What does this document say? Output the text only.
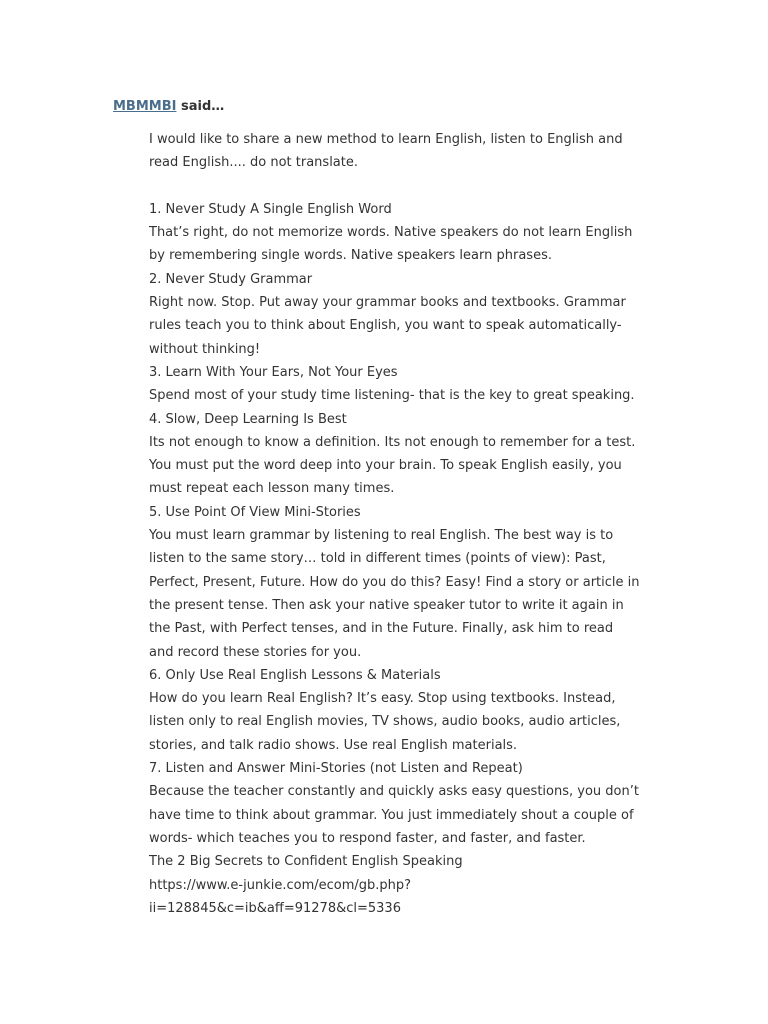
MBMMBI said…
I would like to share a new method to learn English, listen to English and
read English.... do not translate.
1. Never Study A Single English Word
That’s right, do not memorize words. Native speakers do not learn English
by remembering single words. Native speakers learn phrases.
2. Never Study Grammar
Right now. Stop. Put away your grammar books and textbooks. Grammar
rules teach you to think about English, you want to speak automatically-
without thinking!
3. Learn With Your Ears, Not Your Eyes
Spend most of your study time listening- that is the key to great speaking.
4. Slow, Deep Learning Is Best
Its not enough to know a definition. Its not enough to remember for a test.
You must put the word deep into your brain. To speak English easily, you
must repeat each lesson many times.
5. Use Point Of View Mini-Stories
You must learn grammar by listening to real English. The best way is to
listen to the same story… told in different times (points of view): Past,
Perfect, Present, Future. How do you do this? Easy! Find a story or article in
the present tense. Then ask your native speaker tutor to write it again in
the Past, with Perfect tenses, and in the Future. Finally, ask him to read
and record these stories for you.
6. Only Use Real English Lessons & Materials
How do you learn Real English? It’s easy. Stop using textbooks. Instead,
listen only to real English movies, TV shows, audio books, audio articles,
stories, and talk radio shows. Use real English materials.
7. Listen and Answer Mini-Stories (not Listen and Repeat)
Because the teacher constantly and quickly asks easy questions, you don’t
have time to think about grammar. You just immediately shout a couple of
words- which teaches you to respond faster, and faster, and faster.
The 2 Big Secrets to Confident English Speaking
https://www.e-junkie.com/ecom/gb.php?
ii=128845&c=ib&aff=91278&cl=5336
